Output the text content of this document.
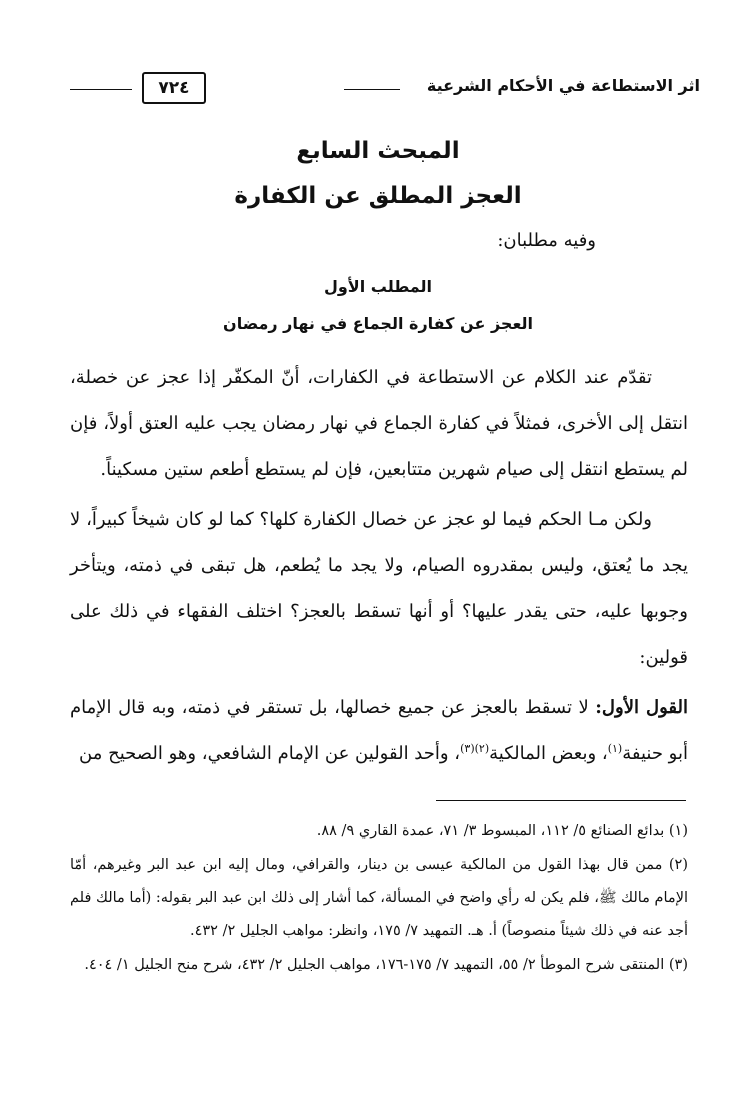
اثر الاستطاعة في الأحكام الشرعية
٧٢٤
المبحث السابع
العجز المطلق عن الكفارة
وفيه مطلبان:
المطلب الأول
العجز عن كفارة الجماع في نهار رمضان

تقدّم عند الكلام عن الاستطاعة في الكفارات، أنّ المكفّر إذا عجز عن خصلة، انتقل إلى الأخرى، فمثلاً في كفارة الجماع في نهار رمضان يجب عليه العتق أولاً، فإن لم يستطع انتقل إلى صيام شهرين متتابعين، فإن لم يستطع أطعم ستين مسكيناً.

ولكن مـا الحكم فيما لو عجز عن خصال الكفارة كلها؟ كما لو كان شيخاً كبيراً، لا يجد ما يُعتق، وليس بمقدروه الصيام، ولا يجد ما يُطعم، هل تبقى في ذمته، ويتأخر وجوبها عليه، حتى يقدر عليها؟ أو أنها تسقط بالعجز؟ اختلف الفقهاء في ذلك على قولين:

القول الأول: لا تسقط بالعجز عن جميع خصالها، بل تستقر في ذمته، وبه قال الإمام أبو حنيفة$^{(١)}$، وبعض المالكية$^{(٢)(٣)}$، وأحد القولين عن الإمام الشافعي، وهو الصحيح من

(١) بدائع الصنائع ٥/ ١١٢، المبسوط ٣/ ٧١، عمدة القاري ٩/ ٨٨.

(٢) ممن قال بهذا القول من المالكية عيسى بن دينار، والقرافي، ومال إليه ابن عبد البر وغيرهم، أمّا الإمام مالك ﷺ، فلم يكن له رأي واضح في المسألة، كما أشار إلى ذلك ابن عبد البر بقوله: (أما مالك فلم أجد عنه في ذلك شيئاً منصوصاً) أ. هـ. التمهيد ٧/ ١٧٥، وانظر: مواهب الجليل ٢/ ٤٣٢.

(٣) المنتقى شرح الموطأ ٢/ ٥٥، التمهيد ٧/ ١٧٥-١٧٦، مواهب الجليل ٢/ ٤٣٢، شرح منح الجليل ١/ ٤٠٤.
